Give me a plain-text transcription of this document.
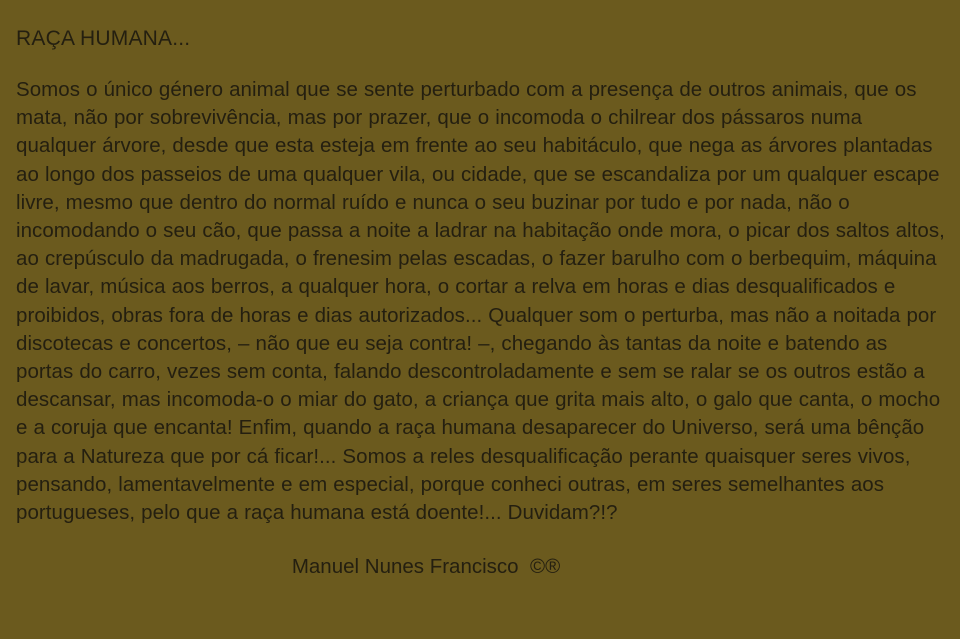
RAÇA HUMANA...

Somos o único género animal que se sente perturbado com a presença de outros animais, que os mata, não por sobrevivência, mas por prazer, que o incomoda o chilrear dos pássaros numa qualquer árvore, desde que esta esteja em frente ao seu habitáculo, que nega as árvores plantadas ao longo dos passeios de uma qualquer vila, ou cidade, que se escandaliza por um qualquer escape livre, mesmo que dentro do normal ruído e nunca o seu buzinar por tudo e por nada, não o incomodando o seu cão, que passa a noite a ladrar na habitação onde mora, o picar dos saltos altos, ao crepúsculo da madrugada, o frenesim pelas escadas, o fazer barulho com o berbequim, máquina de lavar, música aos berros, a qualquer hora, o cortar a relva em horas e dias desqualificados e proibidos, obras fora de horas e dias autorizados... Qualquer som o perturba, mas não a noitada por discotecas e concertos, – não que eu seja contra! –, chegando às tantas da noite e batendo as portas do carro, vezes sem conta, falando descontroladamente e sem se ralar se os outros estão a descansar, mas incomoda-o o miar do gato, a criança que grita mais alto, o galo que canta, o mocho e a coruja que encanta! Enfim, quando a raça humana desaparecer do Universo, será uma bênção para a Natureza que por cá ficar!... Somos a reles desqualificação perante quaisquer seres vivos, pensando, lamentavelmente e em especial, porque conheci outras, em seres semelhantes aos portugueses, pelo que a raça humana está doente!... Duvidam?!?

Manuel Nunes Francisco  ©®
